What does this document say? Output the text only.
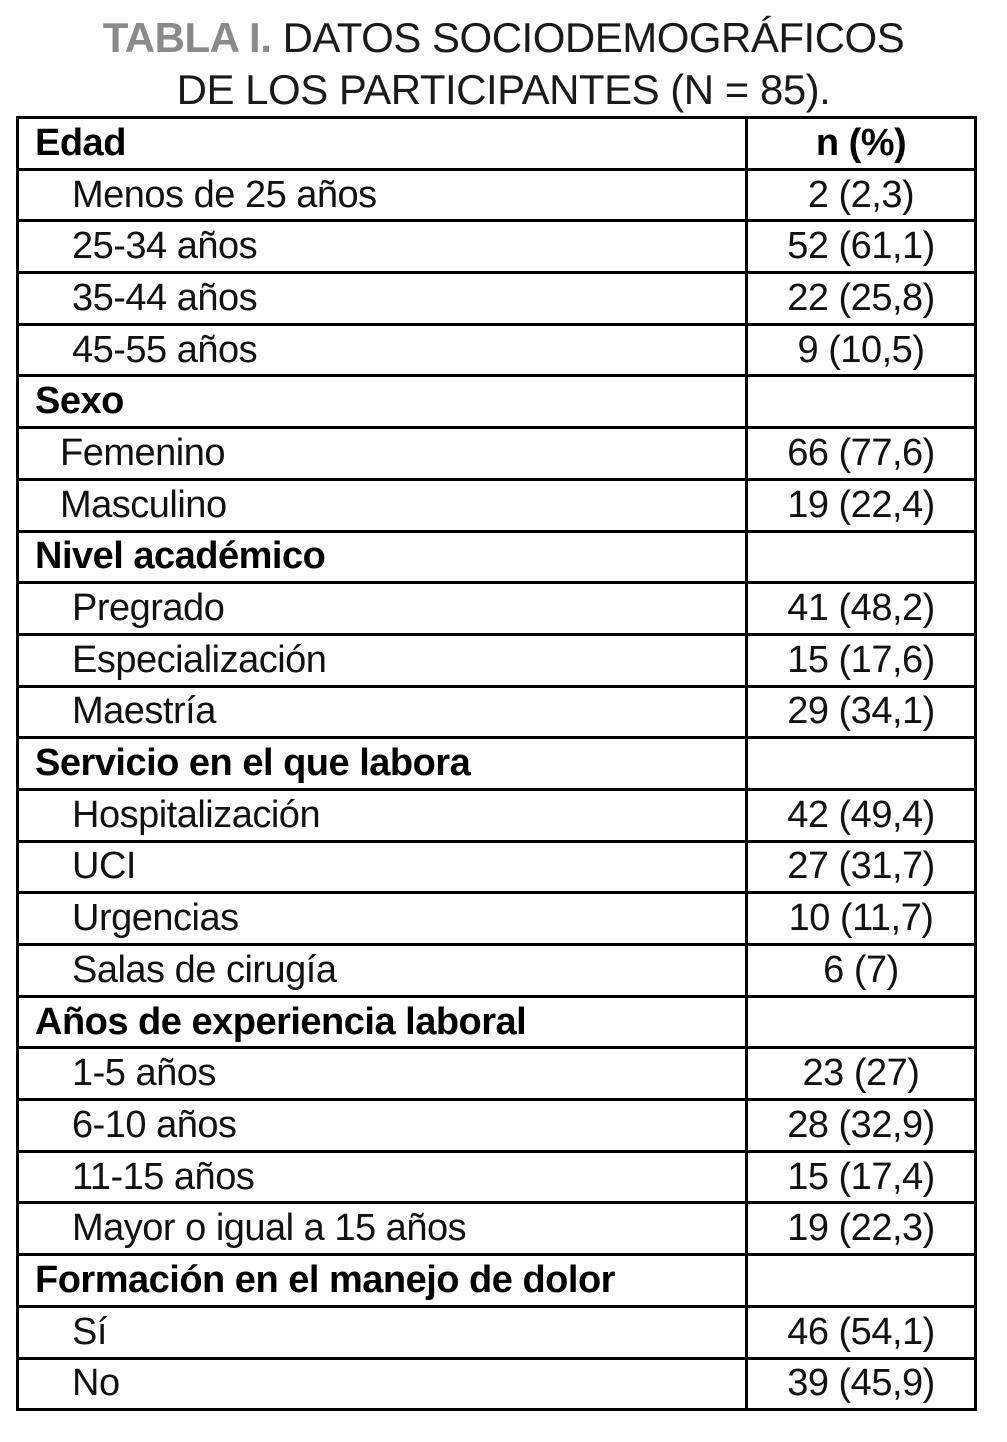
TABLA I. DATOS SOCIODEMOGRÁFICOS
DE LOS PARTICIPANTES (N = 85).
Edad	n (%)
Menos de 25 años	2 (2,3)
25-34 años	52 (61,1)
35-44 años	22 (25,8)
45-55 años	9 (10,5)
Sexo
Femenino	66 (77,6)
Masculino	19 (22,4)
Nivel académico
Pregrado	41 (48,2)
Especialización	15 (17,6)
Maestría	29 (34,1)
Servicio en el que labora
Hospitalización	42 (49,4)
UCI	27 (31,7)
Urgencias	10 (11,7)
Salas de cirugía	6 (7)
Años de experiencia laboral
1-5 años	23 (27)
6-10 años	28 (32,9)
11-15 años	15 (17,4)
Mayor o igual a 15 años	19 (22,3)
Formación en el manejo de dolor
Sí	46 (54,1)
No	39 (45,9)
